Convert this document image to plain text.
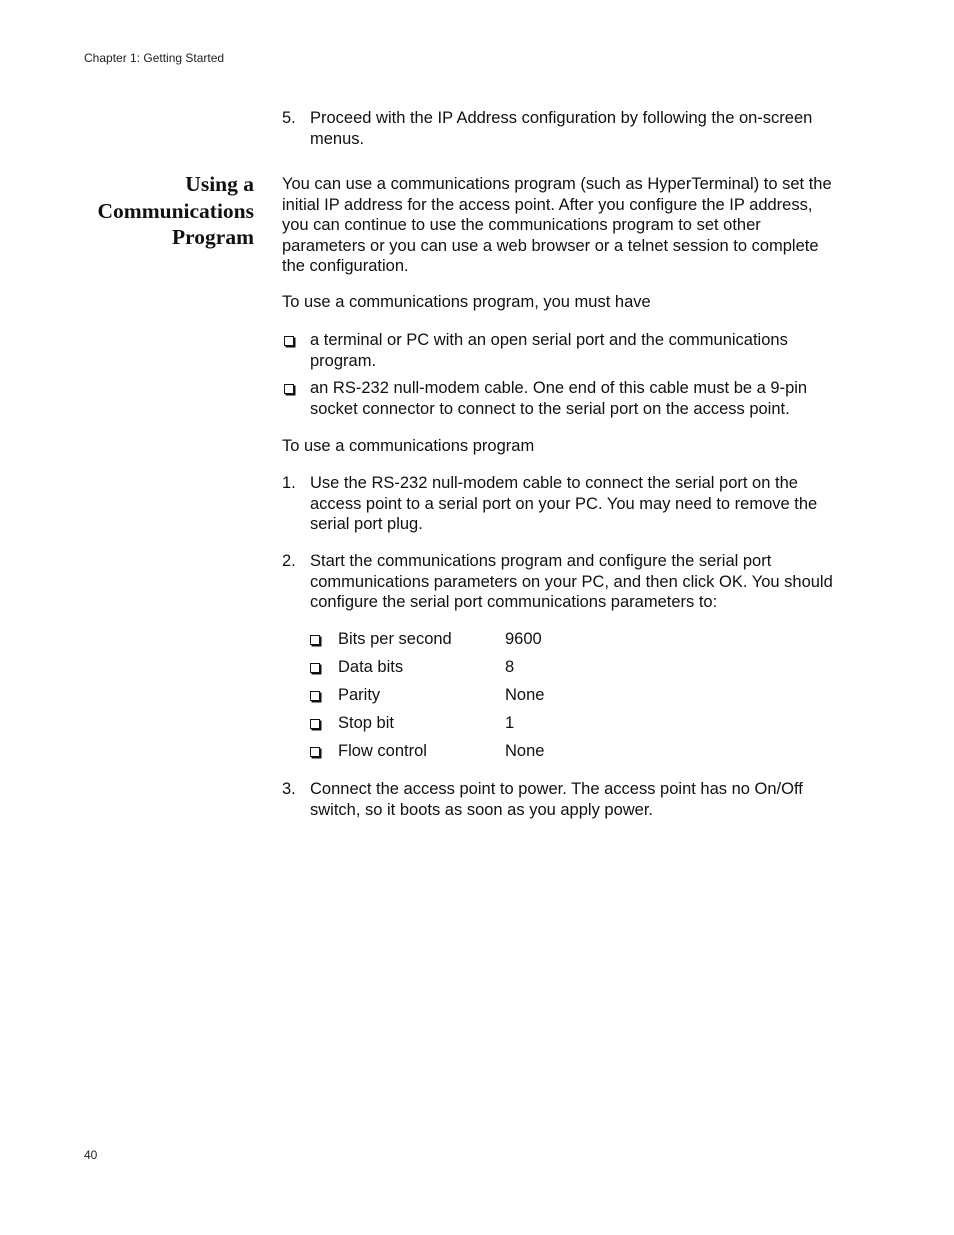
Chapter 1: Getting Started
5. Proceed with the IP Address configuration by following the on-screen menus.
Using a
Communications
Program
You can use a communications program (such as HyperTerminal) to set the initial IP address for the access point. After you configure the IP address, you can continue to use the communications program to set other parameters or you can use a web browser or a telnet session to complete the configuration.
To use a communications program, you must have
a terminal or PC with an open serial port and the communications program.
an RS-232 null-modem cable. One end of this cable must be a 9-pin socket connector to connect to the serial port on the access point.
To use a communications program
1. Use the RS-232 null-modem cable to connect the serial port on the access point to a serial port on your PC. You may need to remove the serial port plug.
2. Start the communications program and configure the serial port communications parameters on your PC, and then click OK. You should configure the serial port communications parameters to:
Bits per second	9600
Data bits	8
Parity	None
Stop bit	1
Flow control	None
3. Connect the access point to power. The access point has no On/Off switch, so it boots as soon as you apply power.
40
